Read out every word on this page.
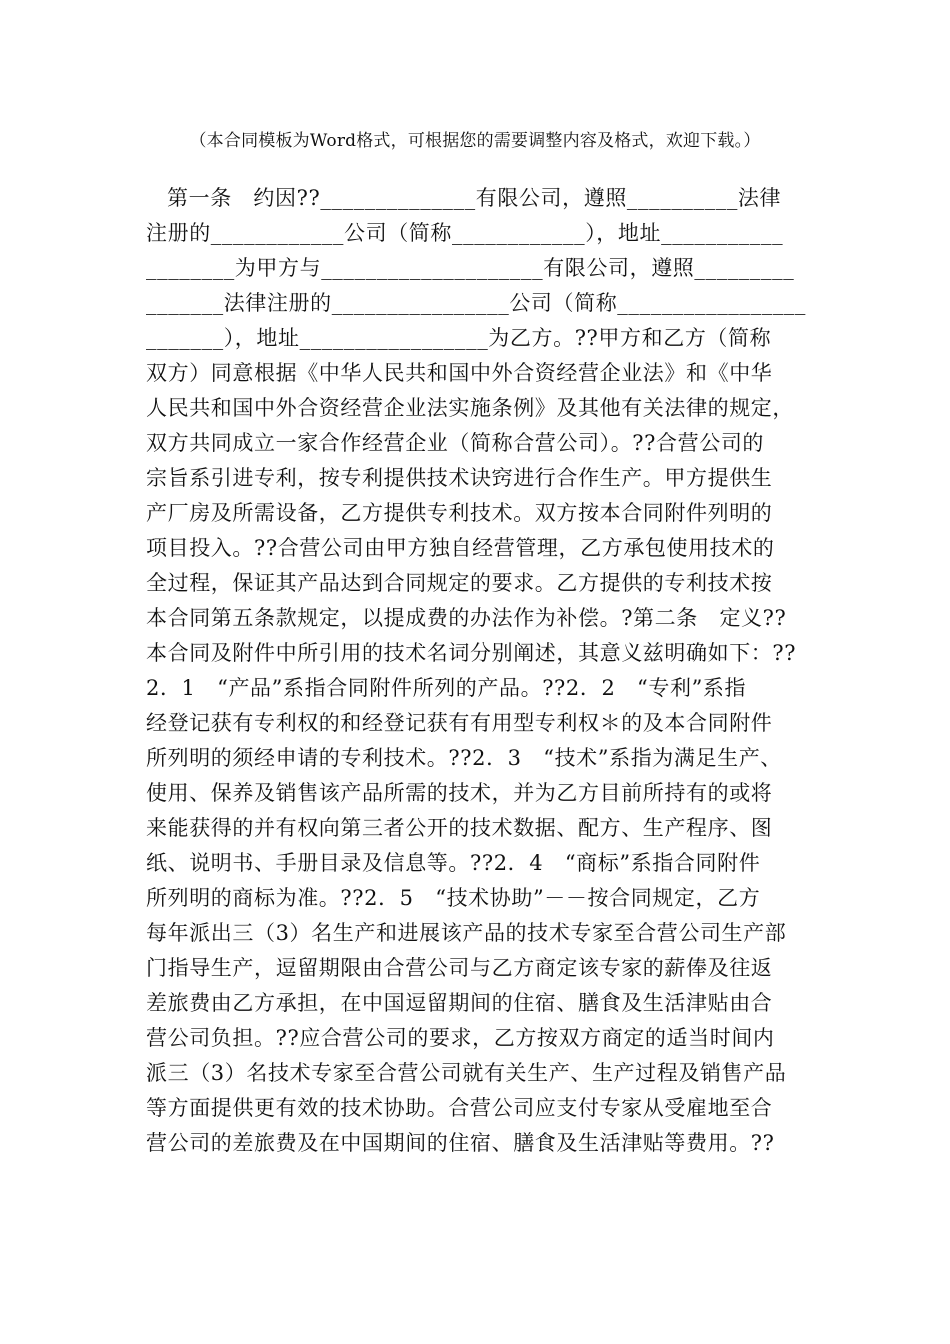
（本合同模板为Word格式，可根据您的需要调整内容及格式，欢迎下载。）
第一条　约因??______________有限公司，遵照__________法律
注册的____________公司（简称____________），地址___________
________为甲方与____________________有限公司，遵照_________
_______法律注册的________________公司（简称_________________
_______），地址_________________为乙方。??甲方和乙方（简称
双方）同意根据《中华人民共和国中外合资经营企业法》和《中华
人民共和国中外合资经营企业法实施条例》及其他有关法律的规定，
双方共同成立一家合作经营企业（简称合营公司）。??合营公司的
宗旨系引进专利，按专利提供技术诀窍进行合作生产。甲方提供生
产厂房及所需设备，乙方提供专利技术。双方按本合同附件列明的
项目投入。??合营公司由甲方独自经营管理，乙方承包使用技术的
全过程，保证其产品达到合同规定的要求。乙方提供的专利技术按
本合同第五条款规定，以提成费的办法作为补偿。?第二条　定义??
本合同及附件中所引用的技术名词分别阐述，其意义兹明确如下：??
2．1　“产品”系指合同附件所列的产品。??2．2　“专利”系指
经登记获有专利权的和经登记获有有用型专利权＊的及本合同附件
所列明的须经申请的专利技术。??2．3　“技术”系指为满足生产、
使用、保养及销售该产品所需的技术，并为乙方目前所持有的或将
来能获得的并有权向第三者公开的技术数据、配方、生产程序、图
纸、说明书、手册目录及信息等。??2．4　“商标”系指合同附件
所列明的商标为准。??2．5　“技术协助”－－按合同规定，乙方
每年派出三（3）名生产和进展该产品的技术专家至合营公司生产部
门指导生产，逗留期限由合营公司与乙方商定该专家的薪俸及往返
差旅费由乙方承担，在中国逗留期间的住宿、膳食及生活津贴由合
营公司负担。??应合营公司的要求，乙方按双方商定的适当时间内
派三（3）名技术专家至合营公司就有关生产、生产过程及销售产品
等方面提供更有效的技术协助。合营公司应支付专家从受雇地至合
营公司的差旅费及在中国期间的住宿、膳食及生活津贴等费用。??
